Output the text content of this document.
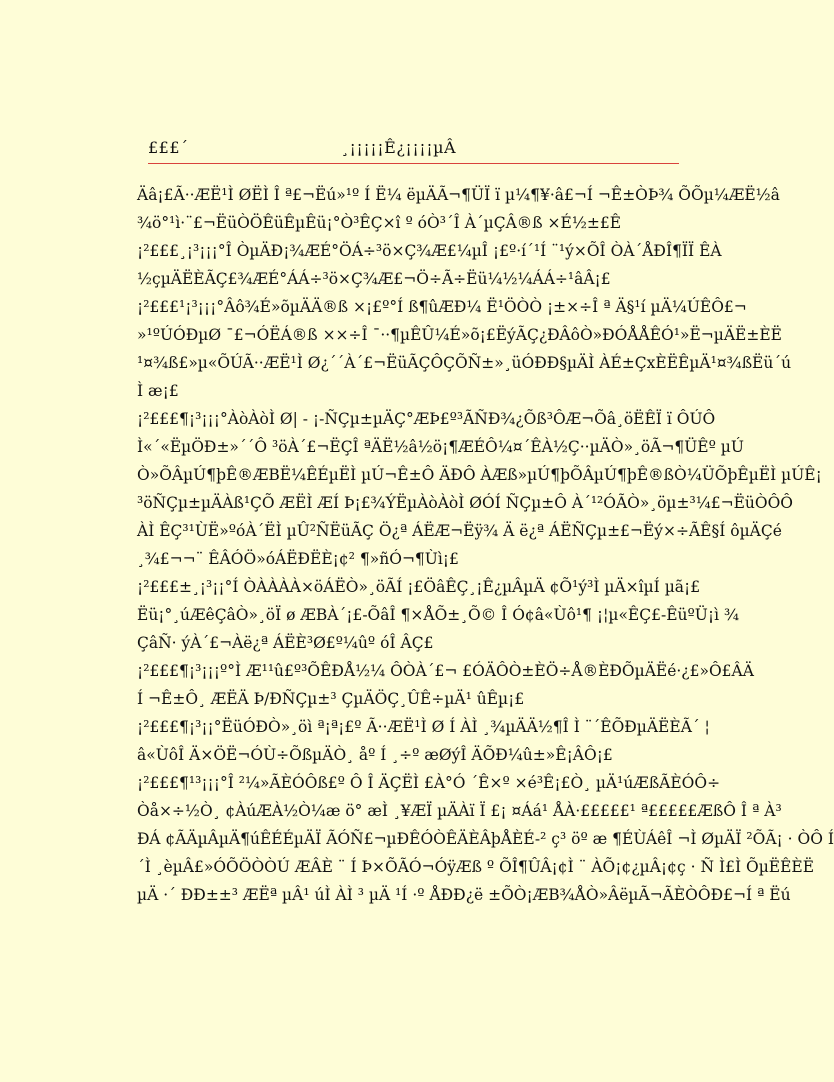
£££´	¸¡¡¡¡¡Ê¿¡¡¡¡µÂ
Äâ¡£Ã··ÆË¹Ì ØËÌ Î ª£¬Ëú»¹º Í Ë¼ ëµÄÃ¬¶ÜÏ ï µ¼¶¥·â£¬Í ¬Ê±ÒÞ¾ ÕÕµ¼ÆË½â
¾ö°¹ì·¨£¬ËüÒÖÊüÊµÊü¡°Ò³ÊÇ×î º óÒ³´Î À´µÇÂ®ß ×É½±£Ê
¡²£££¸¡³¡¡¡°Î ÒµÄÐ¡¾ÆÉ°ÖÁ÷³ö×Ç¾Æ£¼µÎ ¡£º·í´¹Í ¨¹ý×ÕÎ ÒÀ´ÅÐÎ¶ÏÏ ÊÀ
½çµÄËÈÃÇ£¾ÆÉ°ÁÁ÷³ö×Ç¾Æ£¬Ö÷Ã÷Ëü¼½¼ÁÁ÷¹âÂ¡£
¡²£££¹¡³¡¡¡°Âô¾É»õµÄÄ®ß ×¡£º°Í ß¶ûÆÐ¼ Ë¹ÖÒÒ ¡±×÷Î ª Ä§¹í µÄ¼ÚÊÔ£¬
»¹ºÚÓÐµØ ¯£¬ÓËÁ®ß ××÷Î ¯··¶µÊÛ¼É»õ¡£ËýÃÇ¿ÐÂôÒ»ÐÓÅÅÊÓ¹»Ë¬µÄË±ÈË
¹¤¾ß£»µ«ÕÚÃ··ÆË¹Ì Ø¿´´À´£¬ËüÃÇÔÇÕÑ±»¸üÓÐÐ§µÄÌ ÀÉ±ÇxÈËÊµÄ¹¤¾ßËü´ú
Ì æ¡£
¡²£££¶¡³¡¡¡°ÀòÀòÌ Ø| - ¡-ÑÇµ±µÄÇ°ÆÞ£º³ÃÑÐ¾¿Õß³ÔÆ¬Õâ¸öËÊÏ ï ÔÚÔ
Ì«´«ËµÖÐ±»´´Ô ³öÀ´£¬ËÇÎ ªÄË½â½ö¡¶ÆÉÔ¼¤´ÊÀ½Ç··µÄÒ»¸öÃ¬¶ÜÊº µÚ
Ò»ÕÂµÚ¶þÊ®ÆBË¼ÊÉµËÌ µÚ¬Ê±Ô ÄÐÔ ÀÆß»µÚ¶þÕÂµÚ¶þÊ®ßÒ¼ÜÕþÊµËÌ µÚÊ¡
³öÑÇµ±µÄÀß¹ÇÕ ÆËÌ ÆÍ Þ¡£¾ÝËµÀòÀòÌ ØÓÍ ÑÇµ±Ô À´¹²ÓÃÒ»¸öµ±³¼£¬ËüÒÔÔ
ÀÌ ÊÇ³¹ÙË»ºóÀ´ËÌ µÛ²ÑËüÃÇ Ö¿ª ÁËÆ¬Ëÿ¾ Ä ë¿ª ÁËÑÇµ±£¬Ëý×÷ÃÊ§Í ôµÄÇé
¸¾£¬¬¨ ÊÂÓÖ»óÁËÐËÈ¡¢² ¶»ñÓ¬¶Ùì¡£
¡²£££±¸¡³¡¡°Í ÒÀÀÀÀ×öÁËÒ»¸öÃÍ ¡£ÖâÊÇ¸¡Ê¿µÂµÄ ¢Õ¹ý³Ì µÄ×îµÍ µã¡£
Ëü¡°¸úÆêÇâÒ»¸öÏ ø ÆBÀ´¡£-ÕâÎ ¶×ÅÕ±¸Õ© Î Ó¢â«Ùô¹¶ ¡¦µ«ÊÇ£-ÊüºÜ¡ì ¾
ÇâÑ· ýÀ´£¬Àë¿ª ÁËÈ³Ø£º¼ûº óÎ ÂÇ£
¡²£££¶¡³¡¡¡º°Ì Æ¹¹û£º³ÕÊÐÅ½¼ ÔÒÀ´£¬ £ÓÄÔÒ±ÈÖ÷Å®ÈÐÕµÄËé·¿£»Ô£ÂÄ
Í ¬Ê±Ô¸ ÆËÄ Þ/ÐÑÇµ±³ ÇµÄÖÇ¸ÛÊ÷µÄ¹ ûÊµ¡£
¡²£££¶¡³¡¡°ËüÓÐÒ»¸öì ª¡ª¡£º Ã··ÆË¹Ì Ø Í ÀÌ ¸¾µÄÄ½¶Î Ì ¨´ÊÕÐµÄËÈÃ´ ¦
â«ÙôÎ Ä×ÖË¬ÓÙ÷ÕßµÄÒ¸ åº Í ¸÷º æØýÎ ÄÕÐ¼û±»Ê¡ÂÔ¡£
¡²£££¶¹³¡¡¡°Î ²¼»ÃÈÓÔß£º Ô Î ÄÇËÌ £À°Ó ´Ê×º ×é³Ê¡£Ò¸ µÄ¹úÆßÃÈÓÔ÷
Òå×÷½Ò¸ ¢ÀúÆÀ½Ò¼æ ö° æÌ ¸¥ÆÏ µÄÀï Ï £¡ ¤Áá¹ ÅÀ·£££££¹ ª£££££ÆßÔ Î ª À³
ÐÁ ¢ÃÄµÂµÄ¶úÊÉÉµÄÏ ÃÓÑ£¬µÐÊÓÒÊÄÈÂþÅÈÉ-² ç³ öº æ ¶ÉÙÁêÎ ¬Ì ØµÄÏ ²ÕÃ¡ · ÒÔ Í
´Ì ¸èµÂ£»ÓÕÖÒÒÚ ÆÂÈ ¨ Í Þ×ÕÃÓ¬ÓÿÆß º ÕÎ¶ÛÂ¡¢Ì ¨ ÀÕ¡¢¿µÂ¡¢ç · Ñ Ì£Ì ÕµËÊÈË
µÄ ·´ ÐÐ±±³ ÆËª µÂ¹ úÌ ÀÌ ³ µÄ ¹Í ·º ÅÐÐ¿ë ±ÕÒ¡ÆB¾ÅÒ»ÂëµÃ¬ÃÈÒÔÐ£¬Í ª Ëú
